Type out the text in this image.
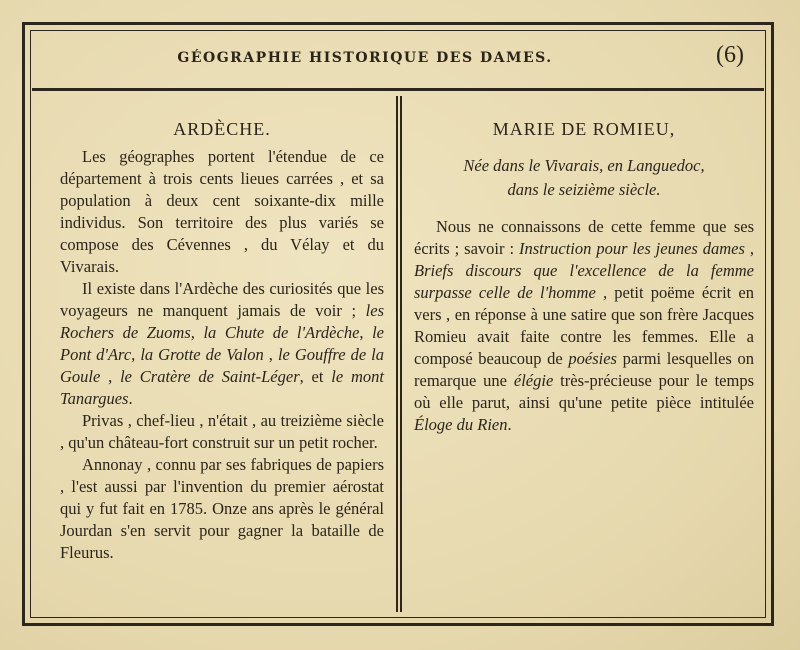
GÉOGRAPHIE HISTORIQUE DES DAMES.	(6)
ARDÈCHE.

Les géographes portent l'étendue de ce département à trois cents lieues carrées , et sa population à deux cent soixante-dix mille individus. Son territoire des plus variés se compose des Cévennes , du Vélay et du Vivarais.

Il existe dans l'Ardèche des curiosités que les voyageurs ne manquent jamais de voir ; les Rochers de Zuoms, la Chute de l'Ardèche, le Pont d'Arc, la Grotte de Valon , le Gouffre de la Goule , le Cratère de Saint-Léger, et le mont Tanargues.

Privas , chef-lieu , n'était , au treizième siècle , qu'un château-fort construit sur un petit rocher.

Annonay , connu par ses fabriques de papiers , l'est aussi par l'invention du premier aérostat qui y fut fait en 1785. Onze ans après le général Jourdan s'en servit pour gagner la bataille de Fleurus.

MARIE DE ROMIEU,
Née dans le Vivarais, en Languedoc,
dans le seizième siècle.

Nous ne connaissons de cette femme que ses écrits ; savoir : Instruction pour les jeunes dames , Briefs discours que l'excellence de la femme surpasse celle de l'homme , petit poëme écrit en vers , en réponse à une satire que son frère Jacques Romieu avait faite contre les femmes. Elle a composé beaucoup de poésies parmi lesquelles on remarque une élégie très-précieuse pour le temps où elle parut, ainsi qu'une petite pièce intitulée Éloge du Rien.
